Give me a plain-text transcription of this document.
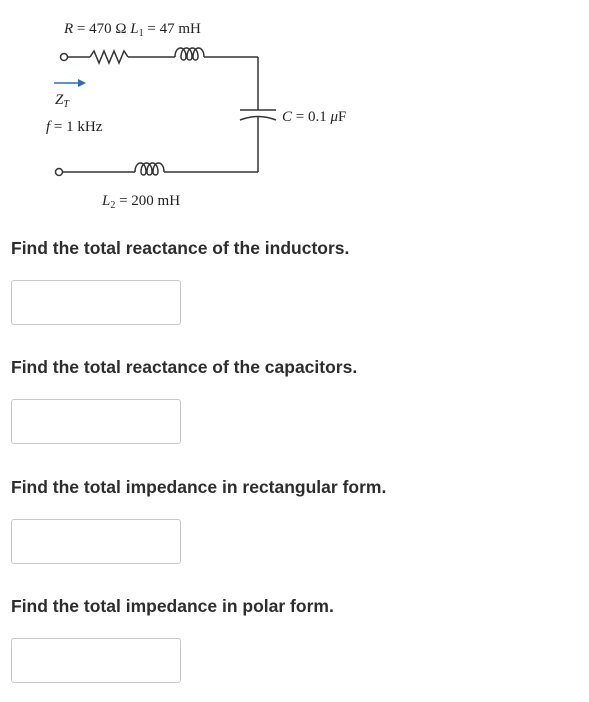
R = 470 Ω $L_1 = 47$ mH
C = 0.1 μF
$Z_T$
f = 1 kHz
$L_2 = 200$ mH

Find the total reactance of the inductors.

Find the total reactance of the capacitors.

Find the total impedance in rectangular form.

Find the total impedance in polar form.
